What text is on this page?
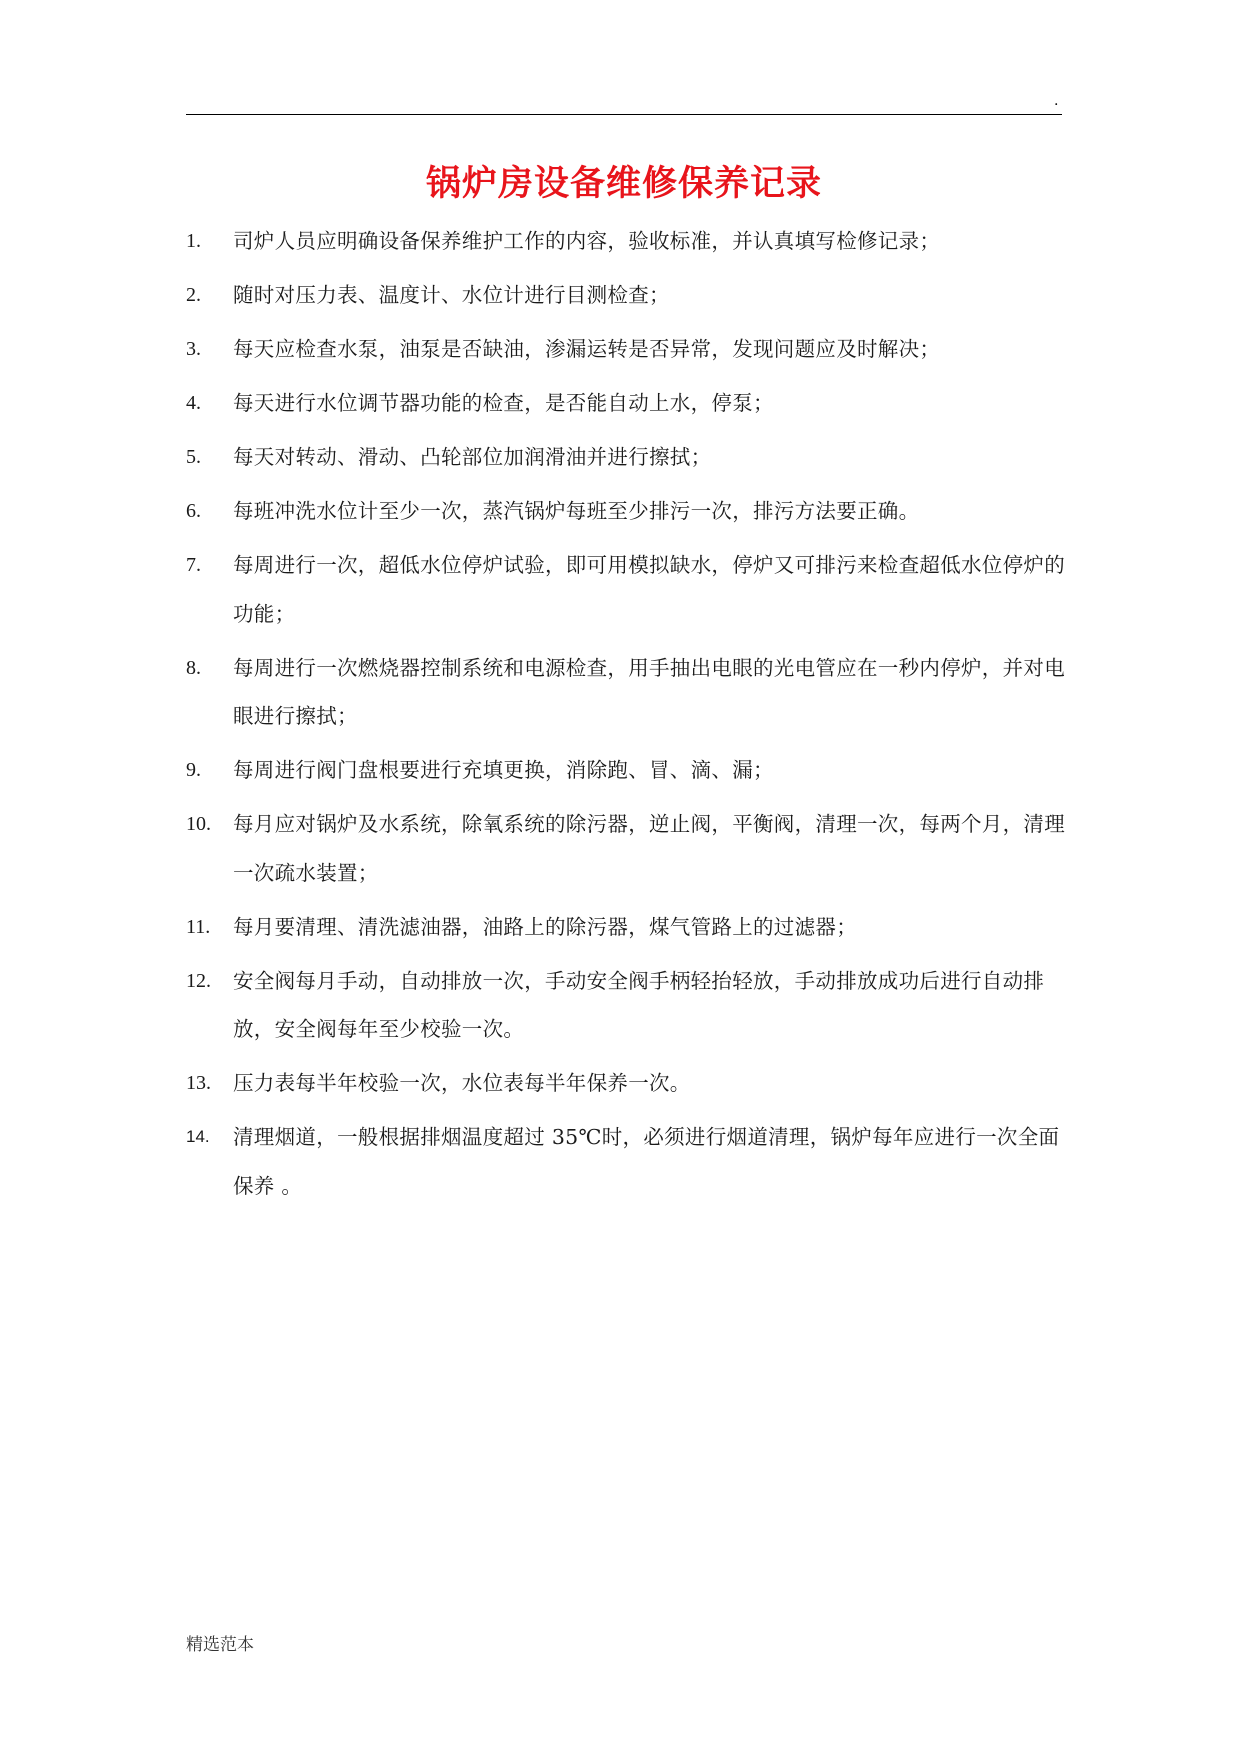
.
锅炉房设备维修保养记录
1.	司炉人员应明确设备保养维护工作的内容，验收标准，并认真填写检修记录；
2.	随时对压力表、温度计、水位计进行目测检查；
3.	每天应检查水泵，油泵是否缺油，渗漏运转是否异常，发现问题应及时解决；
4.	每天进行水位调节器功能的检查，是否能自动上水，停泵；
5.	每天对转动、滑动、凸轮部位加润滑油并进行擦拭；
6.	每班冲洗水位计至少一次，蒸汽锅炉每班至少排污一次，排污方法要正确。
7.	每周进行一次，超低水位停炉试验，即可用模拟缺水，停炉又可排污来检查超低水位停炉的功能；
8.	每周进行一次燃烧器控制系统和电源检查，用手抽出电眼的光电管应在一秒内停炉，并对电眼进行擦拭；
9.	每周进行阀门盘根要进行充填更换，消除跑、冒、滴、漏；
10.	每月应对锅炉及水系统，除氧系统的除污器，逆止阀，平衡阀，清理一次，每两个月，清理一次疏水装置；
11.	每月要清理、清洗滤油器，油路上的除污器，煤气管路上的过滤器；
12.	安全阀每月手动，自动排放一次，手动安全阀手柄轻抬轻放，手动排放成功后进行自动排放，安全阀每年至少校验一次。
13.	压力表每半年校验一次，水位表每半年保养一次。
14.	清理烟道，一般根据排烟温度超过 35℃时，必须进行烟道清理，锅炉每年应进行一次全面保养 。
精选范本
